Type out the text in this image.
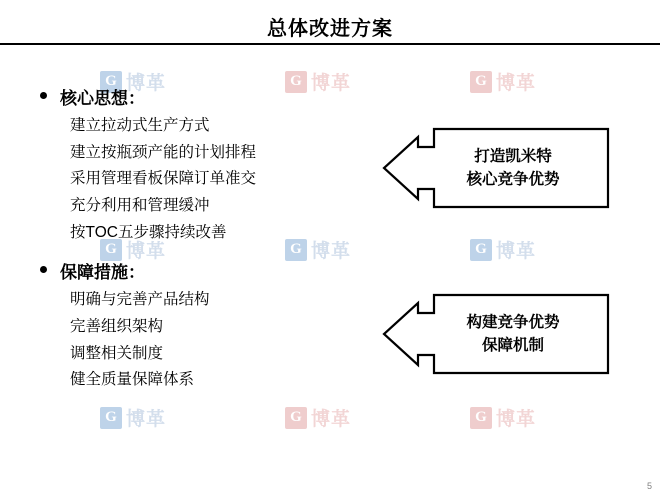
总体改进方案
G 博革	G 博革	G 博革
G 博革	G 博革	G 博革
G 博革	G 博革	G 博革
核心思想：
建立拉动式生产方式
建立按瓶颈产能的计划排程
采用管理看板保障订单准交
充分利用和管理缓冲
按TOC五步骤持续改善
保障措施：
明确与完善产品结构
完善组织架构
调整相关制度
健全质量保障体系
打造凯米特
核心竞争优势
构建竞争优势
保障机制
5
